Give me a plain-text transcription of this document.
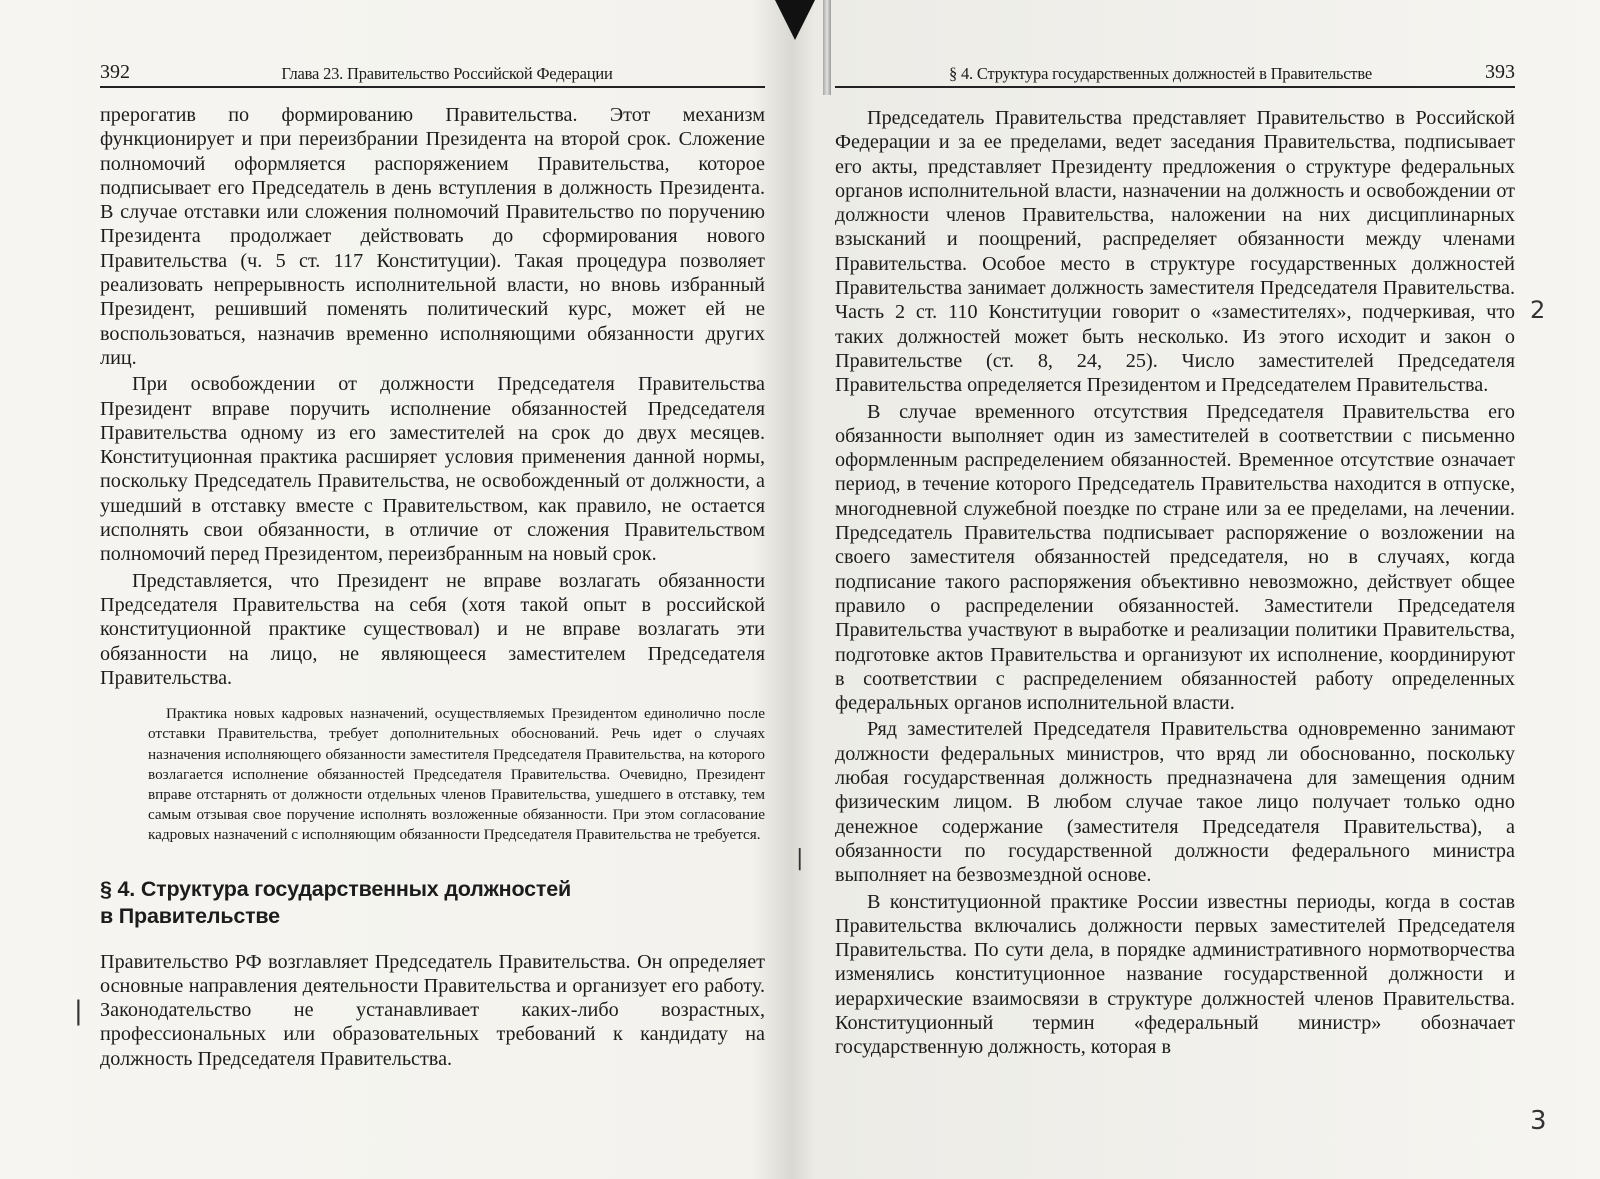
392	Глава 23. Правительство Российской Федерации

прерогатив по формированию Правительства. Этот механизм функционирует и при переизбрании Президента на второй срок. Сложение полномочий оформляется распоряжением Правительства, которое подписывает его Председатель в день вступления в должность Президента. В случае отставки или сложения полномочий Правительство по поручению Президента продолжает действовать до сформирования нового Правительства (ч. 5 ст. 117 Конституции). Такая процедура позволяет реализовать непрерывность исполнительной власти, но вновь избранный Президент, решивший поменять политический курс, может ей не воспользоваться, назначив временно исполняющими обязанности других лиц.

При освобождении от должности Председателя Правительства Президент вправе поручить исполнение обязанностей Председателя Правительства одному из его заместителей на срок до двух месяцев. Конституционная практика расширяет условия применения данной нормы, поскольку Председатель Правительства, не освобожденный от должности, а ушедший в отставку вместе с Правительством, как правило, не остается исполнять свои обязанности, в отличие от сложения Правительством полномочий перед Президентом, переизбранным на новый срок.

Представляется, что Президент не вправе возлагать обязанности Председателя Правительства на себя (хотя такой опыт в российской конституционной практике существовал) и не вправе возлагать эти обязанности на лицо, не являющееся заместителем Председателя Правительства.

Практика новых кадровых назначений, осуществляемых Президентом единолично после отставки Правительства, требует дополнительных обоснований. Речь идет о случаях назначения исполняющего обязанности заместителя Председателя Правительства, на которого возлагается исполнение обязанностей Председателя Правительства. Очевидно, Президент вправе отстарнять от должности отдельных членов Правительства, ушедшего в отставку, тем самым отзывая свое поручение исполнять возложенные обязанности. При этом согласование кадровых назначений с исполняющим обязанности Председателя Правительства не требуется.

§ 4. Структура государственных должностей
в Правительстве

Правительство РФ возглавляет Председатель Правительства. Он определяет основные направления деятельности Правительства и организует его работу. Законодательство не устанавливает каких-либо возрастных, профессиональных или образовательных требований к кандидату на должность Председателя Правительства.

|
§ 4. Структура государственных должностей в Правительстве	393

Председатель Правительства представляет Правительство в Российской Федерации и за ее пределами, ведет заседания Правительства, подписывает его акты, представляет Президенту предложения о структуре федеральных органов исполнительной власти, назначении на должность и освобождении от должности членов Правительства, наложении на них дисциплинарных взысканий и поощрений, распределяет обязанности между членами Правительства. Особое место в структуре государственных должностей Правительства занимает должность заместителя Председателя Правительства. Часть 2 ст. 110 Конституции говорит о «заместителях», подчеркивая, что таких должностей может быть несколько. Из этого исходит и закон о Правительстве (ст. 8, 24, 25). Число заместителей Председателя Правительства определяется Президентом и Председателем Правительства.

В случае временного отсутствия Председателя Правительства его обязанности выполняет один из заместителей в соответствии с письменно оформленным распределением обязанностей. Временное отсутствие означает период, в течение которого Председатель Правительства находится в отпуске, многодневной служебной поездке по стране или за ее пределами, на лечении. Председатель Правительства подписывает распоряжение о возложении на своего заместителя обязанностей председателя, но в случаях, когда подписание такого распоряжения объективно невозможно, действует общее правило о распределении обязанностей. Заместители Председателя Правительства участвуют в выработке и реализации политики Правительства, подготовке актов Правительства и организуют их исполнение, координируют в соответствии с распределением обязанностей работу определенных федеральных органов исполнительной власти.

Ряд заместителей Председателя Правительства одновременно занимают должности федеральных министров, что вряд ли обоснованно, поскольку любая государственная должность предназначена для замещения одним физическим лицом. В любом случае такое лицо получает только одно денежное содержание (заместителя Председателя Правительства), а обязанности по государственной должности федерального министра выполняет на безвозмездной основе.

В конституционной практике России известны периоды, когда в состав Правительства включались должности первых заместителей Председателя Правительства. По сути дела, в порядке административного нормотворчества изменялись конституционное название государственной должности и иерархические взаимосвязи в структуре должностей членов Правительства. Конституционный термин «федеральный министр» обозначает государственную должность, которая в

|
2
3
